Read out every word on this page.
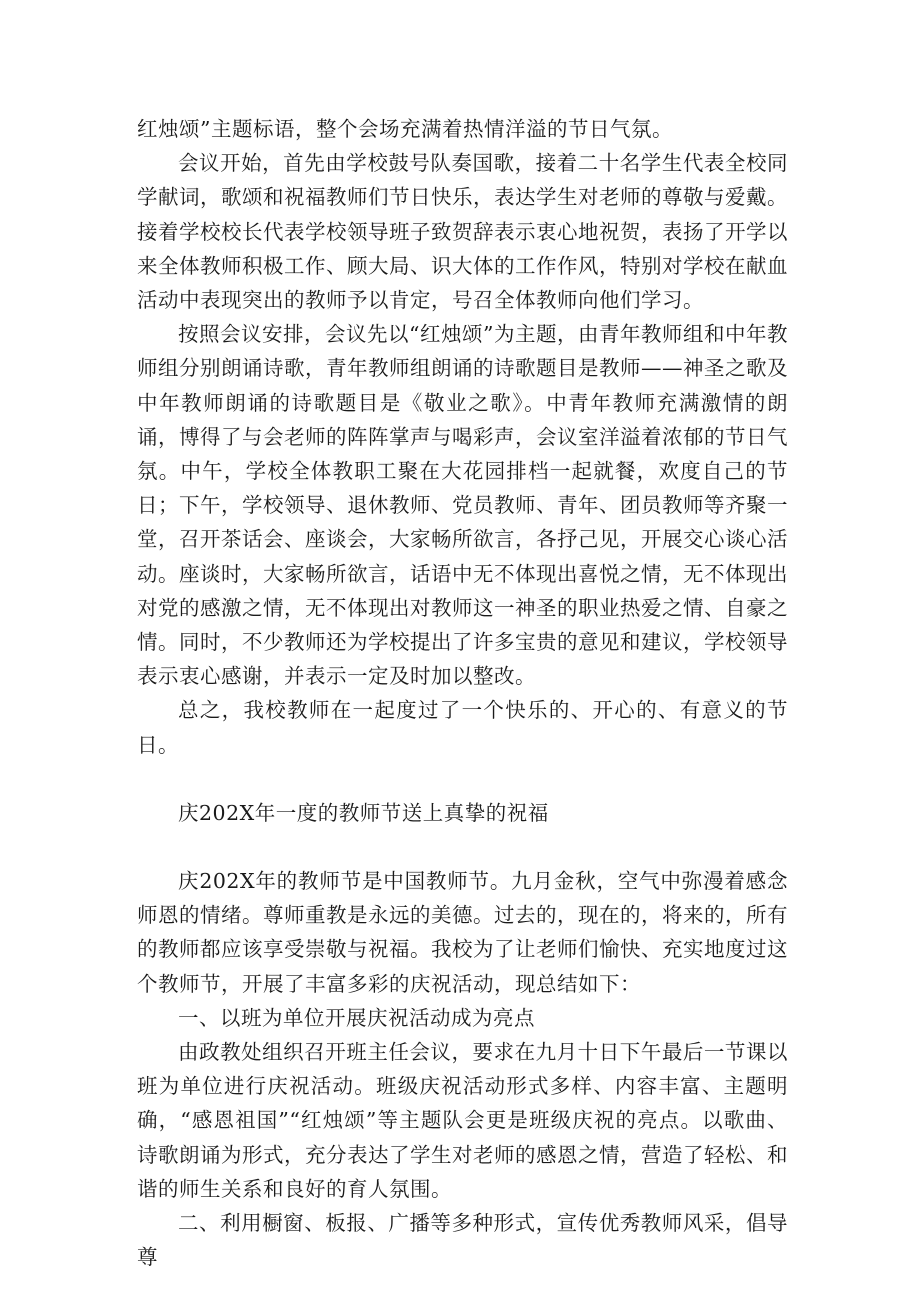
红烛颂”主题标语，整个会场充满着热情洋溢的节日气氛。

会议开始，首先由学校鼓号队奏国歌，接着二十名学生代表全校同学献词，歌颂和祝福教师们节日快乐，表达学生对老师的尊敬与爱戴。接着学校校长代表学校领导班子致贺辞表示衷心地祝贺，表扬了开学以来全体教师积极工作、顾大局、识大体的工作作风，特别对学校在献血活动中表现突出的教师予以肯定，号召全体教师向他们学习。

按照会议安排，会议先以“红烛颂”为主题，由青年教师组和中年教师组分别朗诵诗歌，青年教师组朗诵的诗歌题目是教师——神圣之歌及中年教师朗诵的诗歌题目是《敬业之歌》。中青年教师充满激情的朗诵，博得了与会老师的阵阵掌声与喝彩声，会议室洋溢着浓郁的节日气氛。中午，学校全体教职工聚在大花园排档一起就餐，欢度自己的节日；下午，学校领导、退休教师、党员教师、青年、团员教师等齐聚一堂，召开茶话会、座谈会，大家畅所欲言，各抒己见，开展交心谈心活动。座谈时，大家畅所欲言，话语中无不体现出喜悦之情，无不体现出对党的感激之情，无不体现出对教师这一神圣的职业热爱之情、自豪之情。同时，不少教师还为学校提出了许多宝贵的意见和建议，学校领导表示衷心感谢，并表示一定及时加以整改。

总之，我校教师在一起度过了一个快乐的、开心的、有意义的节日。

庆202X年一度的教师节送上真挚的祝福

庆202X年的教师节是中国教师节。九月金秋，空气中弥漫着感念师恩的情绪。尊师重教是永远的美德。过去的，现在的，将来的，所有的教师都应该享受崇敬与祝福。我校为了让老师们愉快、充实地度过这个教师节，开展了丰富多彩的庆祝活动，现总结如下：

一、以班为单位开展庆祝活动成为亮点

由政教处组织召开班主任会议，要求在九月十日下午最后一节课以班为单位进行庆祝活动。班级庆祝活动形式多样、内容丰富、主题明确，“感恩祖国”“红烛颂”等主题队会更是班级庆祝的亮点。以歌曲、诗歌朗诵为形式，充分表达了学生对老师的感恩之情，营造了轻松、和谐的师生关系和良好的育人氛围。

二、利用橱窗、板报、广播等多种形式，宣传优秀教师风采，倡导尊
